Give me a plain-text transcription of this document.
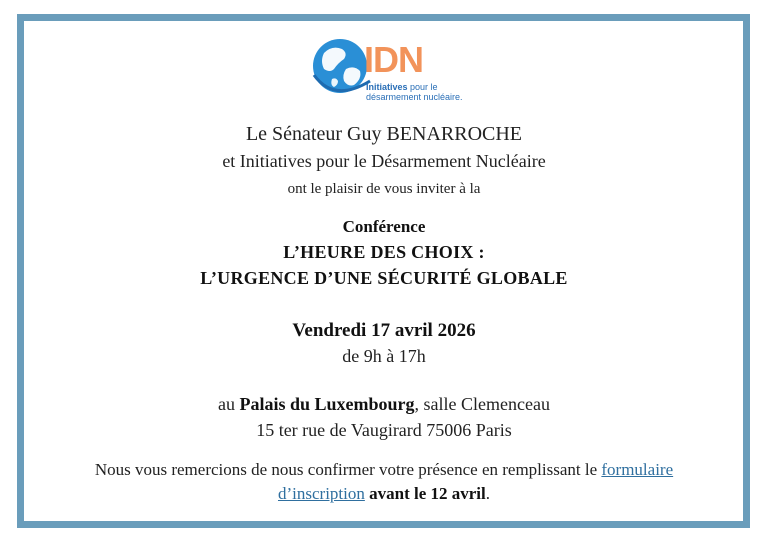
IDN
Initiatives pour le
désarmement nucléaire.
Le Sénateur Guy BENARROCHE
et Initiatives pour le Désarmement Nucléaire
ont le plaisir de vous inviter à la
Conférence
L’HEURE DES CHOIX :
L’URGENCE D’UNE SÉCURITÉ GLOBALE
Vendredi 17 avril 2026
de 9h à 17h
au Palais du Luxembourg, salle Clemenceau
15 ter rue de Vaugirard 75006 Paris
Nous vous remercions de nous confirmer votre présence en remplissant le formulaire
d’inscription avant le 12 avril.
